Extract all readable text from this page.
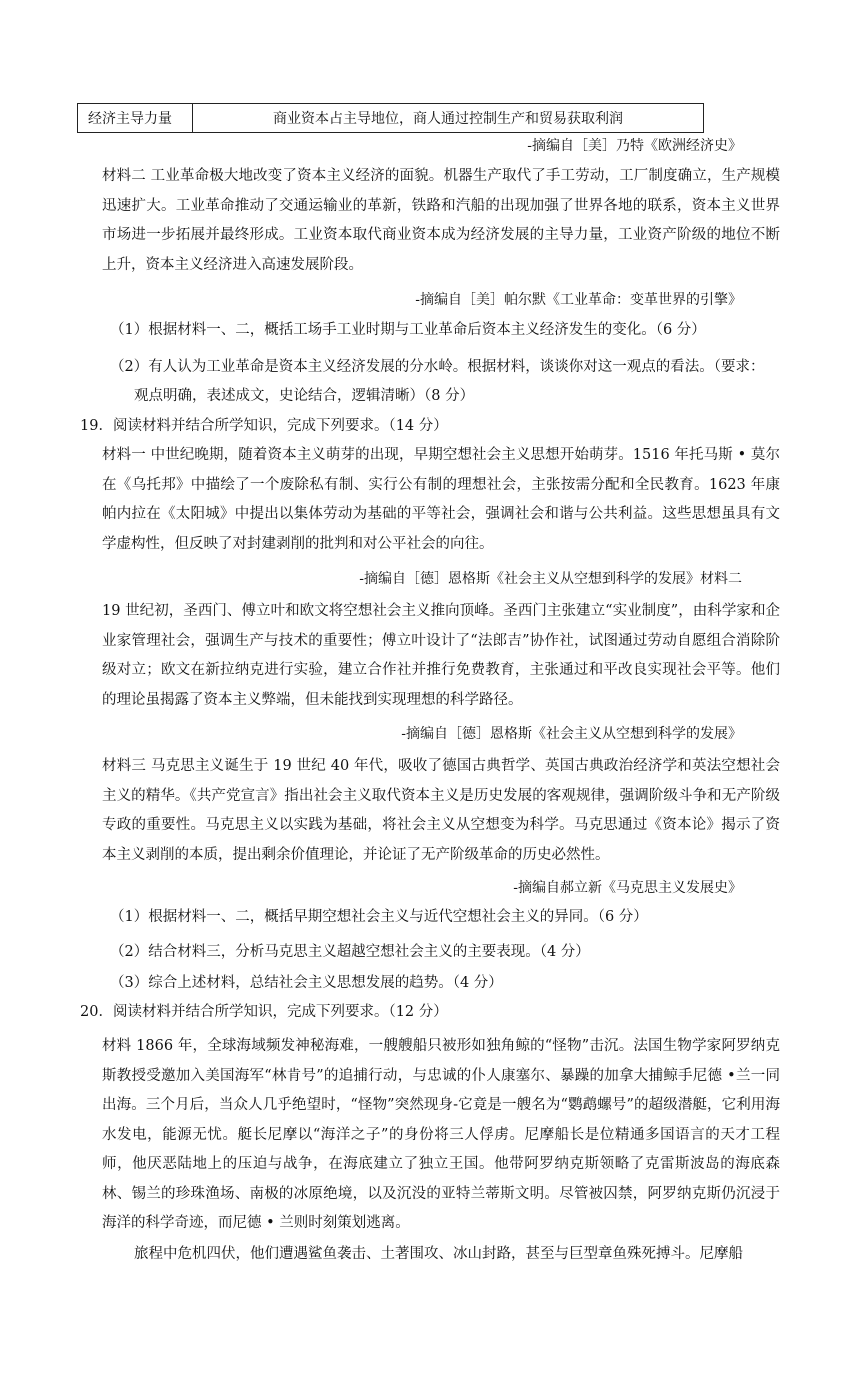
经济主导力量	商业资本占主导地位，商人通过控制生产和贸易获取利润
-摘编自［美］乃特《欧洲经济史》
材料二 工业革命极大地改变了资本主义经济的面貌。机器生产取代了手工劳动，工厂制度确立，生产规模迅速扩大。工业革命推动了交通运输业的革新，铁路和汽船的出现加强了世界各地的联系，资本主义世界市场进一步拓展并最终形成。工业资本取代商业资本成为经济发展的主导力量，工业资产阶级的地位不断上升，资本主义经济进入高速发展阶段。
-摘编自［美］帕尔默《工业革命：变革世界的引擎》
（1）根据材料一、二，概括工场手工业时期与工业革命后资本主义经济发生的变化。（6 分）
（2）有人认为工业革命是资本主义经济发展的分水岭。根据材料，谈谈你对这一观点的看法。（要求：
观点明确，表述成文，史论结合，逻辑清晰）（8 分）
19．阅读材料并结合所学知识，完成下列要求。（14 分）
材料一 中世纪晚期，随着资本主义萌芽的出现，早期空想社会主义思想开始萌芽。1516 年托马斯 • 莫尔在《乌托邦》中描绘了一个废除私有制、实行公有制的理想社会，主张按需分配和全民教育。1623 年康帕内拉在《太阳城》中提出以集体劳动为基础的平等社会，强调社会和谐与公共利益。这些思想虽具有文学虚构性，但反映了对封建剥削的批判和对公平社会的向往。
-摘编自［德］恩格斯《社会主义从空想到科学的发展》材料二
19 世纪初，圣西门、傅立叶和欧文将空想社会主义推向顶峰。圣西门主张建立“实业制度”，由科学家和企业家管理社会，强调生产与技术的重要性；傅立叶设计了“法郎吉”协作社，试图通过劳动自愿组合消除阶级对立；欧文在新拉纳克进行实验，建立合作社并推行免费教育，主张通过和平改良实现社会平等。他们的理论虽揭露了资本主义弊端，但未能找到实现理想的科学路径。
-摘编自［德］恩格斯《社会主义从空想到科学的发展》
材料三 马克思主义诞生于 19 世纪 40 年代，吸收了德国古典哲学、英国古典政治经济学和英法空想社会主义的精华。《共产党宣言》指出社会主义取代资本主义是历史发展的客观规律，强调阶级斗争和无产阶级专政的重要性。马克思主义以实践为基础，将社会主义从空想变为科学。马克思通过《资本论》揭示了资本主义剥削的本质，提出剩余价值理论，并论证了无产阶级革命的历史必然性。
-摘编自郝立新《马克思主义发展史》
（1）根据材料一、二，概括早期空想社会主义与近代空想社会主义的异同。（6 分）
（2）结合材料三，分析马克思主义超越空想社会主义的主要表现。（4 分）
（3）综合上述材料，总结社会主义思想发展的趋势。（4 分）
20．阅读材料并结合所学知识，完成下列要求。（12 分）
材料 1866 年，全球海域频发神秘海难，一艘艘船只被形如独角鲸的“怪物”击沉。法国生物学家阿罗纳克斯教授受邀加入美国海军“林肯号”的追捕行动，与忠诚的仆人康塞尔、暴躁的加拿大捕鲸手尼德 •兰一同出海。三个月后，当众人几乎绝望时，“怪物”突然现身-它竟是一艘名为“鹦鹉螺号”的超级潜艇，它利用海水发电，能源无忧。艇长尼摩以“海洋之子”的身份将三人俘虏。尼摩船长是位精通多国语言的天才工程师，他厌恶陆地上的压迫与战争，在海底建立了独立王国。他带阿罗纳克斯领略了克雷斯波岛的海底森林、锡兰的珍珠渔场、南极的冰原绝境，以及沉没的亚特兰蒂斯文明。尽管被囚禁，阿罗纳克斯仍沉浸于海洋的科学奇迹，而尼德 • 兰则时刻策划逃离。
旅程中危机四伏，他们遭遇鲨鱼袭击、土著围攻、冰山封路，甚至与巨型章鱼殊死搏斗。尼摩船
